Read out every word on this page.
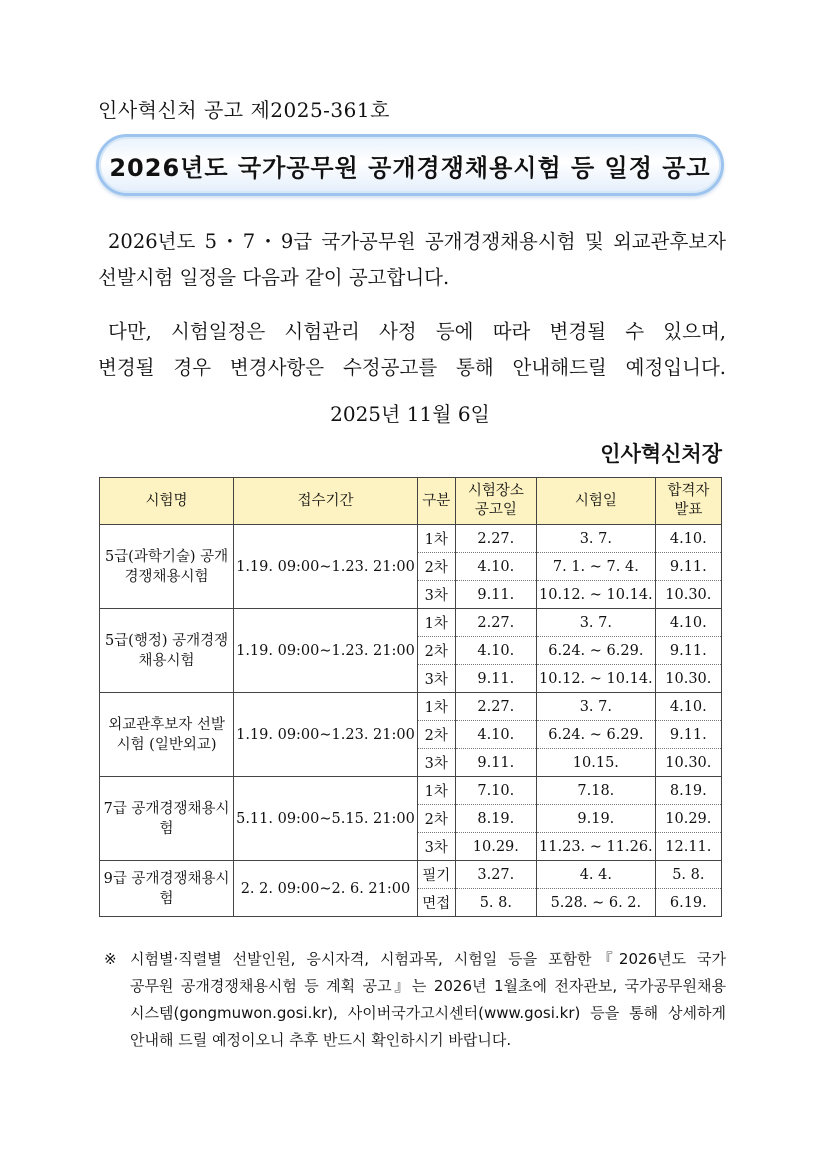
인사혁신처 공고 제2025-361호
2026년도 국가공무원 공개경쟁채용시험 등 일정 공고
2026년도 5・7・9급 국가공무원 공개경쟁채용시험 및 외교관후보자
선발시험 일정을 다음과 같이 공고합니다.
다만, 시험일정은 시험관리 사정 등에 따라 변경될 수 있으며,
변경될 경우 변경사항은 수정공고를 통해 안내해드릴 예정입니다.
2025년 11월 6일
인사혁신처장
시험명	접수기간	구분	시험장소 공고일	시험일	합격자 발표
5급(과학기술) 공개경쟁채용시험	1.19. 09:00∼1.23. 21:00	1차	2.27.	3. 7.	4.10.
		2차	4.10.	7. 1. ~ 7. 4.	9.11.
		3차	9.11.	10.12. ~ 10.14.	10.30.
5급(행정) 공개경쟁채용시험	1.19. 09:00∼1.23. 21:00	1차	2.27.	3. 7.	4.10.
		2차	4.10.	6.24. ~ 6.29.	9.11.
		3차	9.11.	10.12. ~ 10.14.	10.30.
외교관후보자 선발시험 (일반외교)	1.19. 09:00∼1.23. 21:00	1차	2.27.	3. 7.	4.10.
		2차	4.10.	6.24. ~ 6.29.	9.11.
		3차	9.11.	10.15.	10.30.
7급 공개경쟁채용시험	5.11. 09:00∼5.15. 21:00	1차	7.10.	7.18.	8.19.
		2차	8.19.	9.19.	10.29.
		3차	10.29.	11.23. ∼ 11.26.	12.11.
9급 공개경쟁채용시험	2. 2. 09:00∼2. 6. 21:00	필기	3.27.	4. 4.	5. 8.
		면접	5. 8.	5.28. ∼ 6. 2.	6.19.
※ 시험별·직렬별 선발인원, 응시자격, 시험과목, 시험일 등을 포함한『2026년도 국가
공무원 공개경쟁채용시험 등 계획 공고』는 2026년 1월초에 전자관보, 국가공무원채용
시스템(gongmuwon.gosi.kr), 사이버국가고시센터(www.gosi.kr) 등을 통해 상세하게
안내해 드릴 예정이오니 추후 반드시 확인하시기 바랍니다.
